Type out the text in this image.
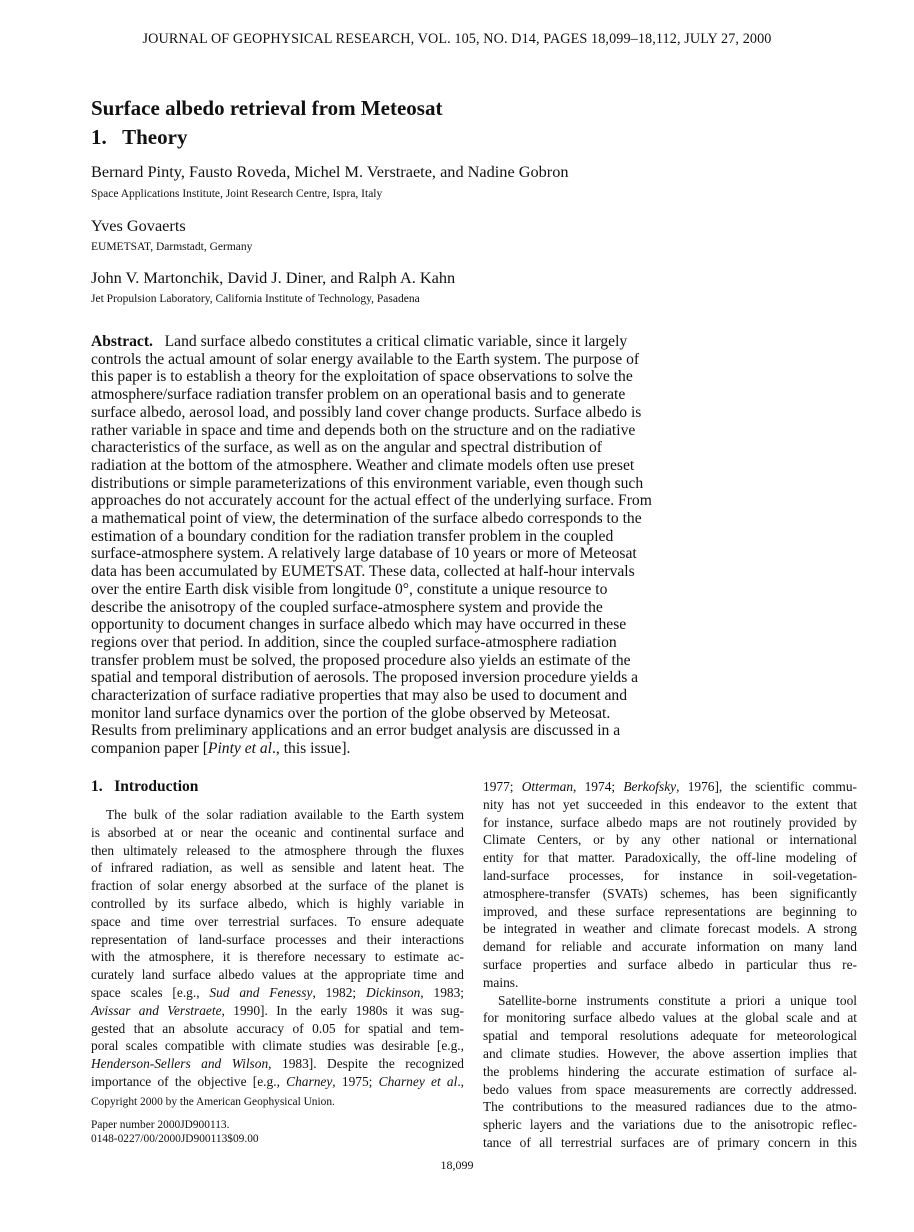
JOURNAL OF GEOPHYSICAL RESEARCH, VOL. 105, NO. D14, PAGES 18,099–18,112, JULY 27, 2000
Surface albedo retrieval from Meteosat
1.   Theory
Bernard Pinty, Fausto Roveda, Michel M. Verstraete, and Nadine Gobron
Space Applications Institute, Joint Research Centre, Ispra, Italy
Yves Govaerts
EUMETSAT, Darmstadt, Germany
John V. Martonchik, David J. Diner, and Ralph A. Kahn
Jet Propulsion Laboratory, California Institute of Technology, Pasadena
Abstract. Land surface albedo constitutes a critical climatic variable, since it largely
controls the actual amount of solar energy available to the Earth system. The purpose of
this paper is to establish a theory for the exploitation of space observations to solve the
atmosphere/surface radiation transfer problem on an operational basis and to generate
surface albedo, aerosol load, and possibly land cover change products. Surface albedo is
rather variable in space and time and depends both on the structure and on the radiative
characteristics of the surface, as well as on the angular and spectral distribution of
radiation at the bottom of the atmosphere. Weather and climate models often use preset
distributions or simple parameterizations of this environment variable, even though such
approaches do not accurately account for the actual effect of the underlying surface. From
a mathematical point of view, the determination of the surface albedo corresponds to the
estimation of a boundary condition for the radiation transfer problem in the coupled
surface-atmosphere system. A relatively large database of 10 years or more of Meteosat
data has been accumulated by EUMETSAT. These data, collected at half-hour intervals
over the entire Earth disk visible from longitude 0°, constitute a unique resource to
describe the anisotropy of the coupled surface-atmosphere system and provide the
opportunity to document changes in surface albedo which may have occurred in these
regions over that period. In addition, since the coupled surface-atmosphere radiation
transfer problem must be solved, the proposed procedure also yields an estimate of the
spatial and temporal distribution of aerosols. The proposed inversion procedure yields a
characterization of surface radiative properties that may also be used to document and
monitor land surface dynamics over the portion of the globe observed by Meteosat.
Results from preliminary applications and an error budget analysis are discussed in a
companion paper [Pinty et al., this issue].
1.   Introduction
The bulk of the solar radiation available to the Earth system
is absorbed at or near the oceanic and continental surface and
then ultimately released to the atmosphere through the fluxes
of infrared radiation, as well as sensible and latent heat. The
fraction of solar energy absorbed at the surface of the planet is
controlled by its surface albedo, which is highly variable in
space and time over terrestrial surfaces. To ensure adequate
representation of land-surface processes and their interactions
with the atmosphere, it is therefore necessary to estimate ac-
curately land surface albedo values at the appropriate time and
space scales [e.g., Sud and Fenessy, 1982; Dickinson, 1983;
Avissar and Verstraete, 1990]. In the early 1980s it was sug-
gested that an absolute accuracy of 0.05 for spatial and tem-
poral scales compatible with climate studies was desirable [e.g.,
Henderson-Sellers and Wilson, 1983]. Despite the recognized
importance of the objective [e.g., Charney, 1975; Charney et al.,
Copyright 2000 by the American Geophysical Union.
Paper number 2000JD900113.
0148-0227/00/2000JD900113$09.00
1977; Otterman, 1974; Berkofsky, 1976], the scientific commu-
nity has not yet succeeded in this endeavor to the extent that
for instance, surface albedo maps are not routinely provided by
Climate Centers, or by any other national or international
entity for that matter. Paradoxically, the off-line modeling of
land-surface processes, for instance in soil-vegetation-
atmosphere-transfer (SVATs) schemes, has been significantly
improved, and these surface representations are beginning to
be integrated in weather and climate forecast models. A strong
demand for reliable and accurate information on many land
surface properties and surface albedo in particular thus re-
mains.
Satellite-borne instruments constitute a priori a unique tool
for monitoring surface albedo values at the global scale and at
spatial and temporal resolutions adequate for meteorological
and climate studies. However, the above assertion implies that
the problems hindering the accurate estimation of surface al-
bedo values from space measurements are correctly addressed.
The contributions to the measured radiances due to the atmo-
spheric layers and the variations due to the anisotropic reflec-
tance of all terrestrial surfaces are of primary concern in this
18,099
